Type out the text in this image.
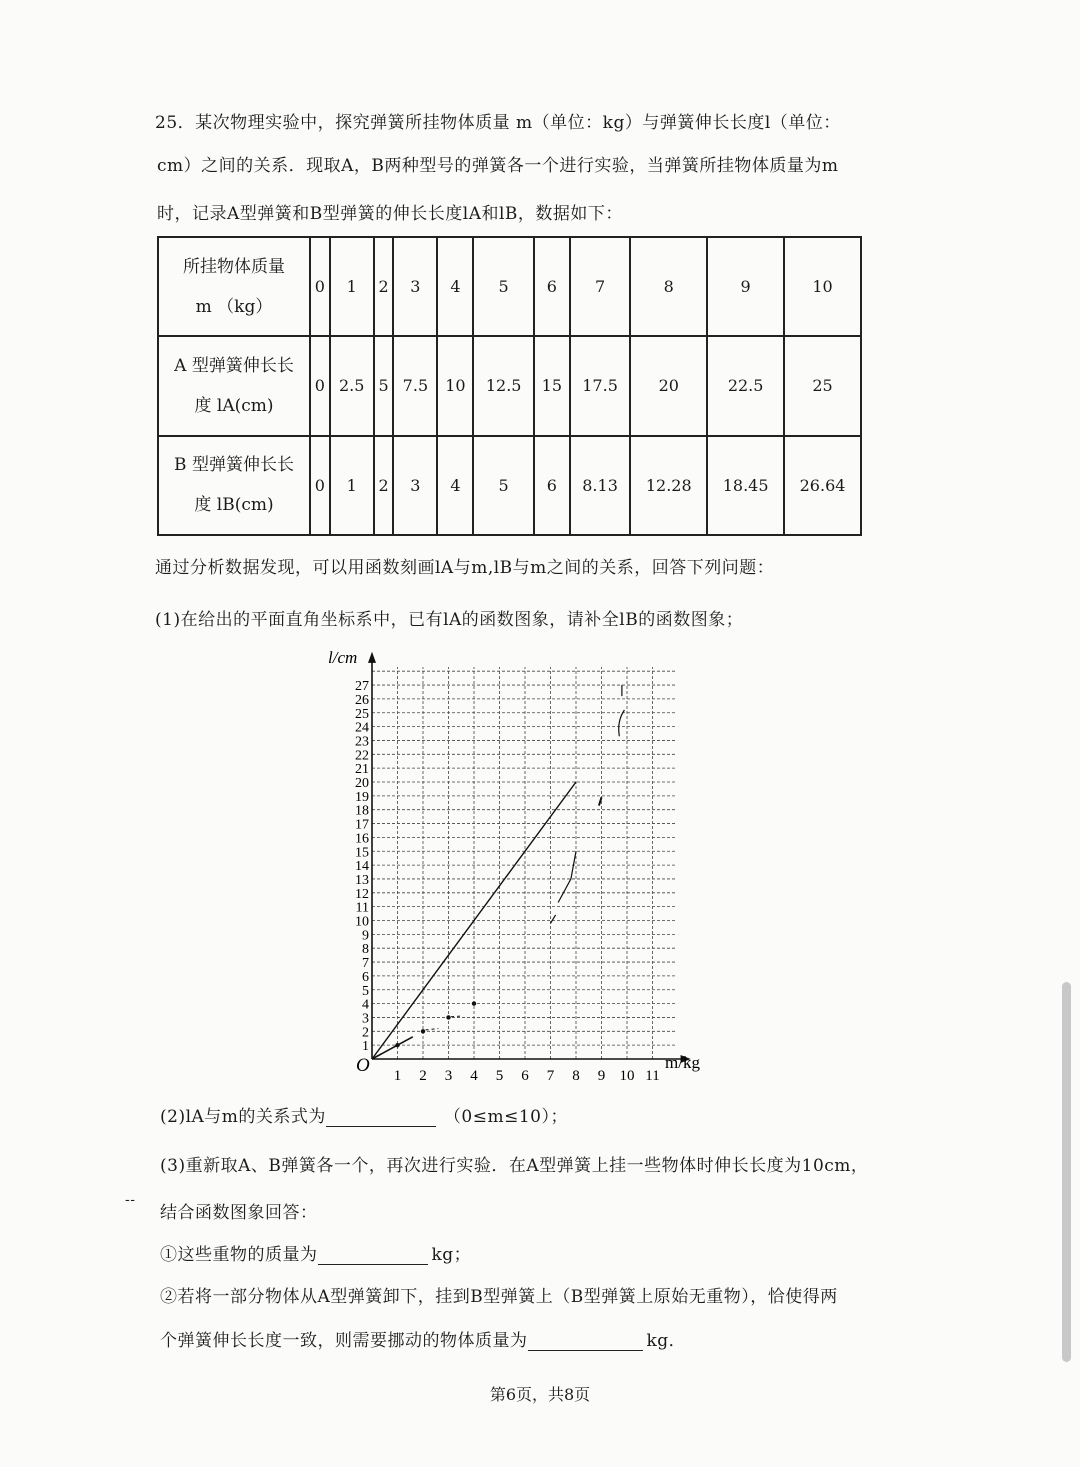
25．某次物理实验中，探究弹簧所挂物体质量 m（单位：kg）与弹簧伸长长度l（单位：
cm）之间的关系．现取A，B两种型号的弹簧各一个进行实验，当弹簧所挂物体质量为m
时，记录A型弹簧和B型弹簧的伸长长度lA和lB，数据如下：
所挂物体质量
m （kg）	0	1	2	3	4	5	6	7	8	9	10

A 型弹簧伸长长
度 lA(cm)	0	2.5	5	7.5	10	12.5	15	17.5	20	22.5	25

B 型弹簧伸长长
度 lB(cm)	0	1	2	3	4	5	6	8.13	12.28	18.45	26.64
通过分析数据发现，可以用函数刻画lA与m,lB与m之间的关系，回答下列问题：
(1)在给出的平面直角坐标系中，已有lA的函数图象，请补全lB的函数图象；
1 2 3 4 5 6 7 8 9 10 11
1
2
3
4
5
6
7
8
9
10
11
12
13
14
15
16
17
18
19
20
21
22
23
24
25
26
27
l/cm
m/kg
O
(2)lA与m的关系式为	（0≤m≤10）；
(3)重新取A、B弹簧各一个，再次进行实验．在A型弹簧上挂一些物体时伸长长度为10cm，
--
结合函数图象回答：
①这些重物的质量为	kg；
②若将一部分物体从A型弹簧卸下，挂到B型弹簧上（B型弹簧上原始无重物），恰使得两
个弹簧伸长长度一致，则需要挪动的物体质量为	kg．
第6页，共8页
